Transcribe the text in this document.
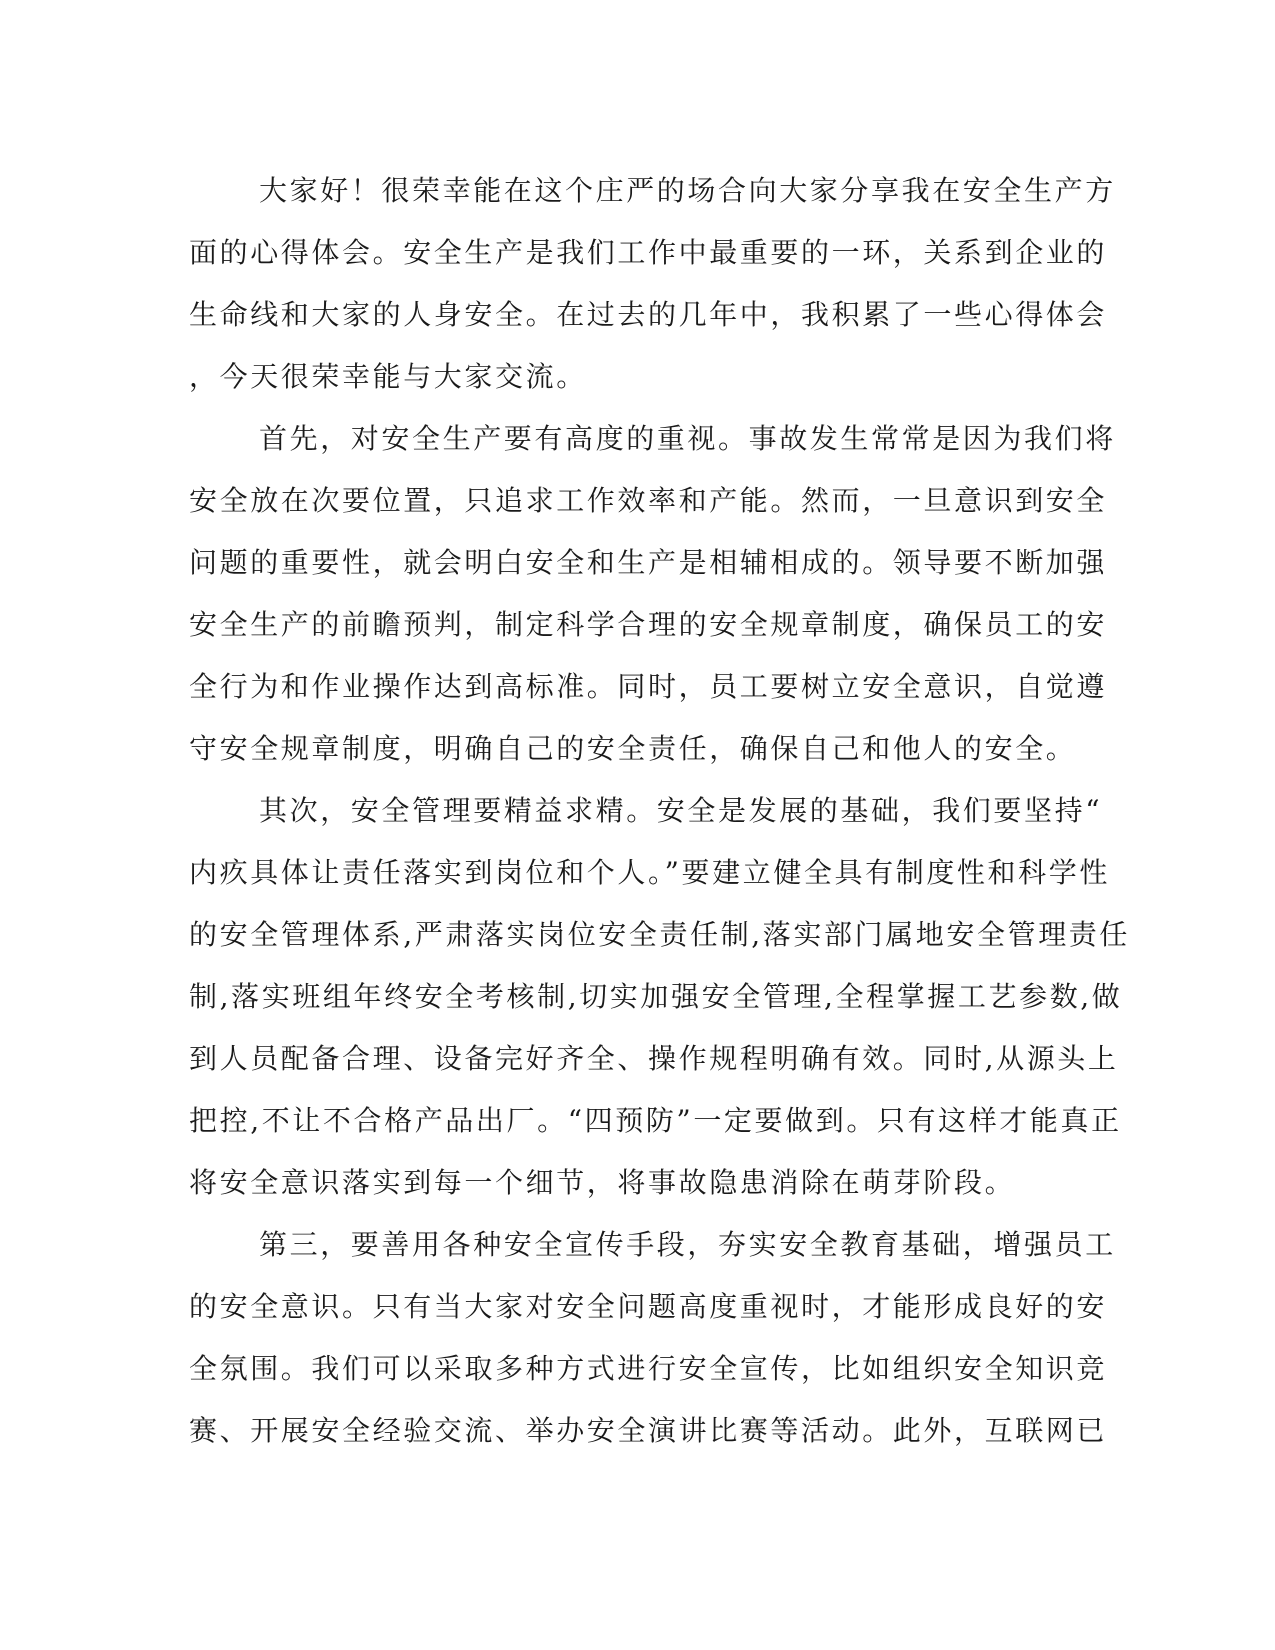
大家好！很荣幸能在这个庄严的场合向大家分享我在安全生产方
面的心得体会。安全生产是我们工作中最重要的一环，关系到企业的
生命线和大家的人身安全。在过去的几年中，我积累了一些心得体会
，今天很荣幸能与大家交流。
首先，对安全生产要有高度的重视。事故发生常常是因为我们将
安全放在次要位置，只追求工作效率和产能。然而，一旦意识到安全
问题的重要性，就会明白安全和生产是相辅相成的。领导要不断加强
安全生产的前瞻预判，制定科学合理的安全规章制度，确保员工的安
全行为和作业操作达到高标准。同时，员工要树立安全意识，自觉遵
守安全规章制度，明确自己的安全责任，确保自己和他人的安全。
其次，安全管理要精益求精。安全是发展的基础，我们要坚持“
内疚具体让责任落实到岗位和个人。”要建立健全具有制度性和科学性
的安全管理体系,严肃落实岗位安全责任制,落实部门属地安全管理责任
制,落实班组年终安全考核制,切实加强安全管理,全程掌握工艺参数,做
到人员配备合理、设备完好齐全、操作规程明确有效。同时,从源头上
把控,不让不合格产品出厂。“四预防”一定要做到。只有这样才能真正
将安全意识落实到每一个细节，将事故隐患消除在萌芽阶段。
第三，要善用各种安全宣传手段，夯实安全教育基础，增强员工
的安全意识。只有当大家对安全问题高度重视时，才能形成良好的安
全氛围。我们可以采取多种方式进行安全宣传，比如组织安全知识竞
赛、开展安全经验交流、举办安全演讲比赛等活动。此外，互联网已
